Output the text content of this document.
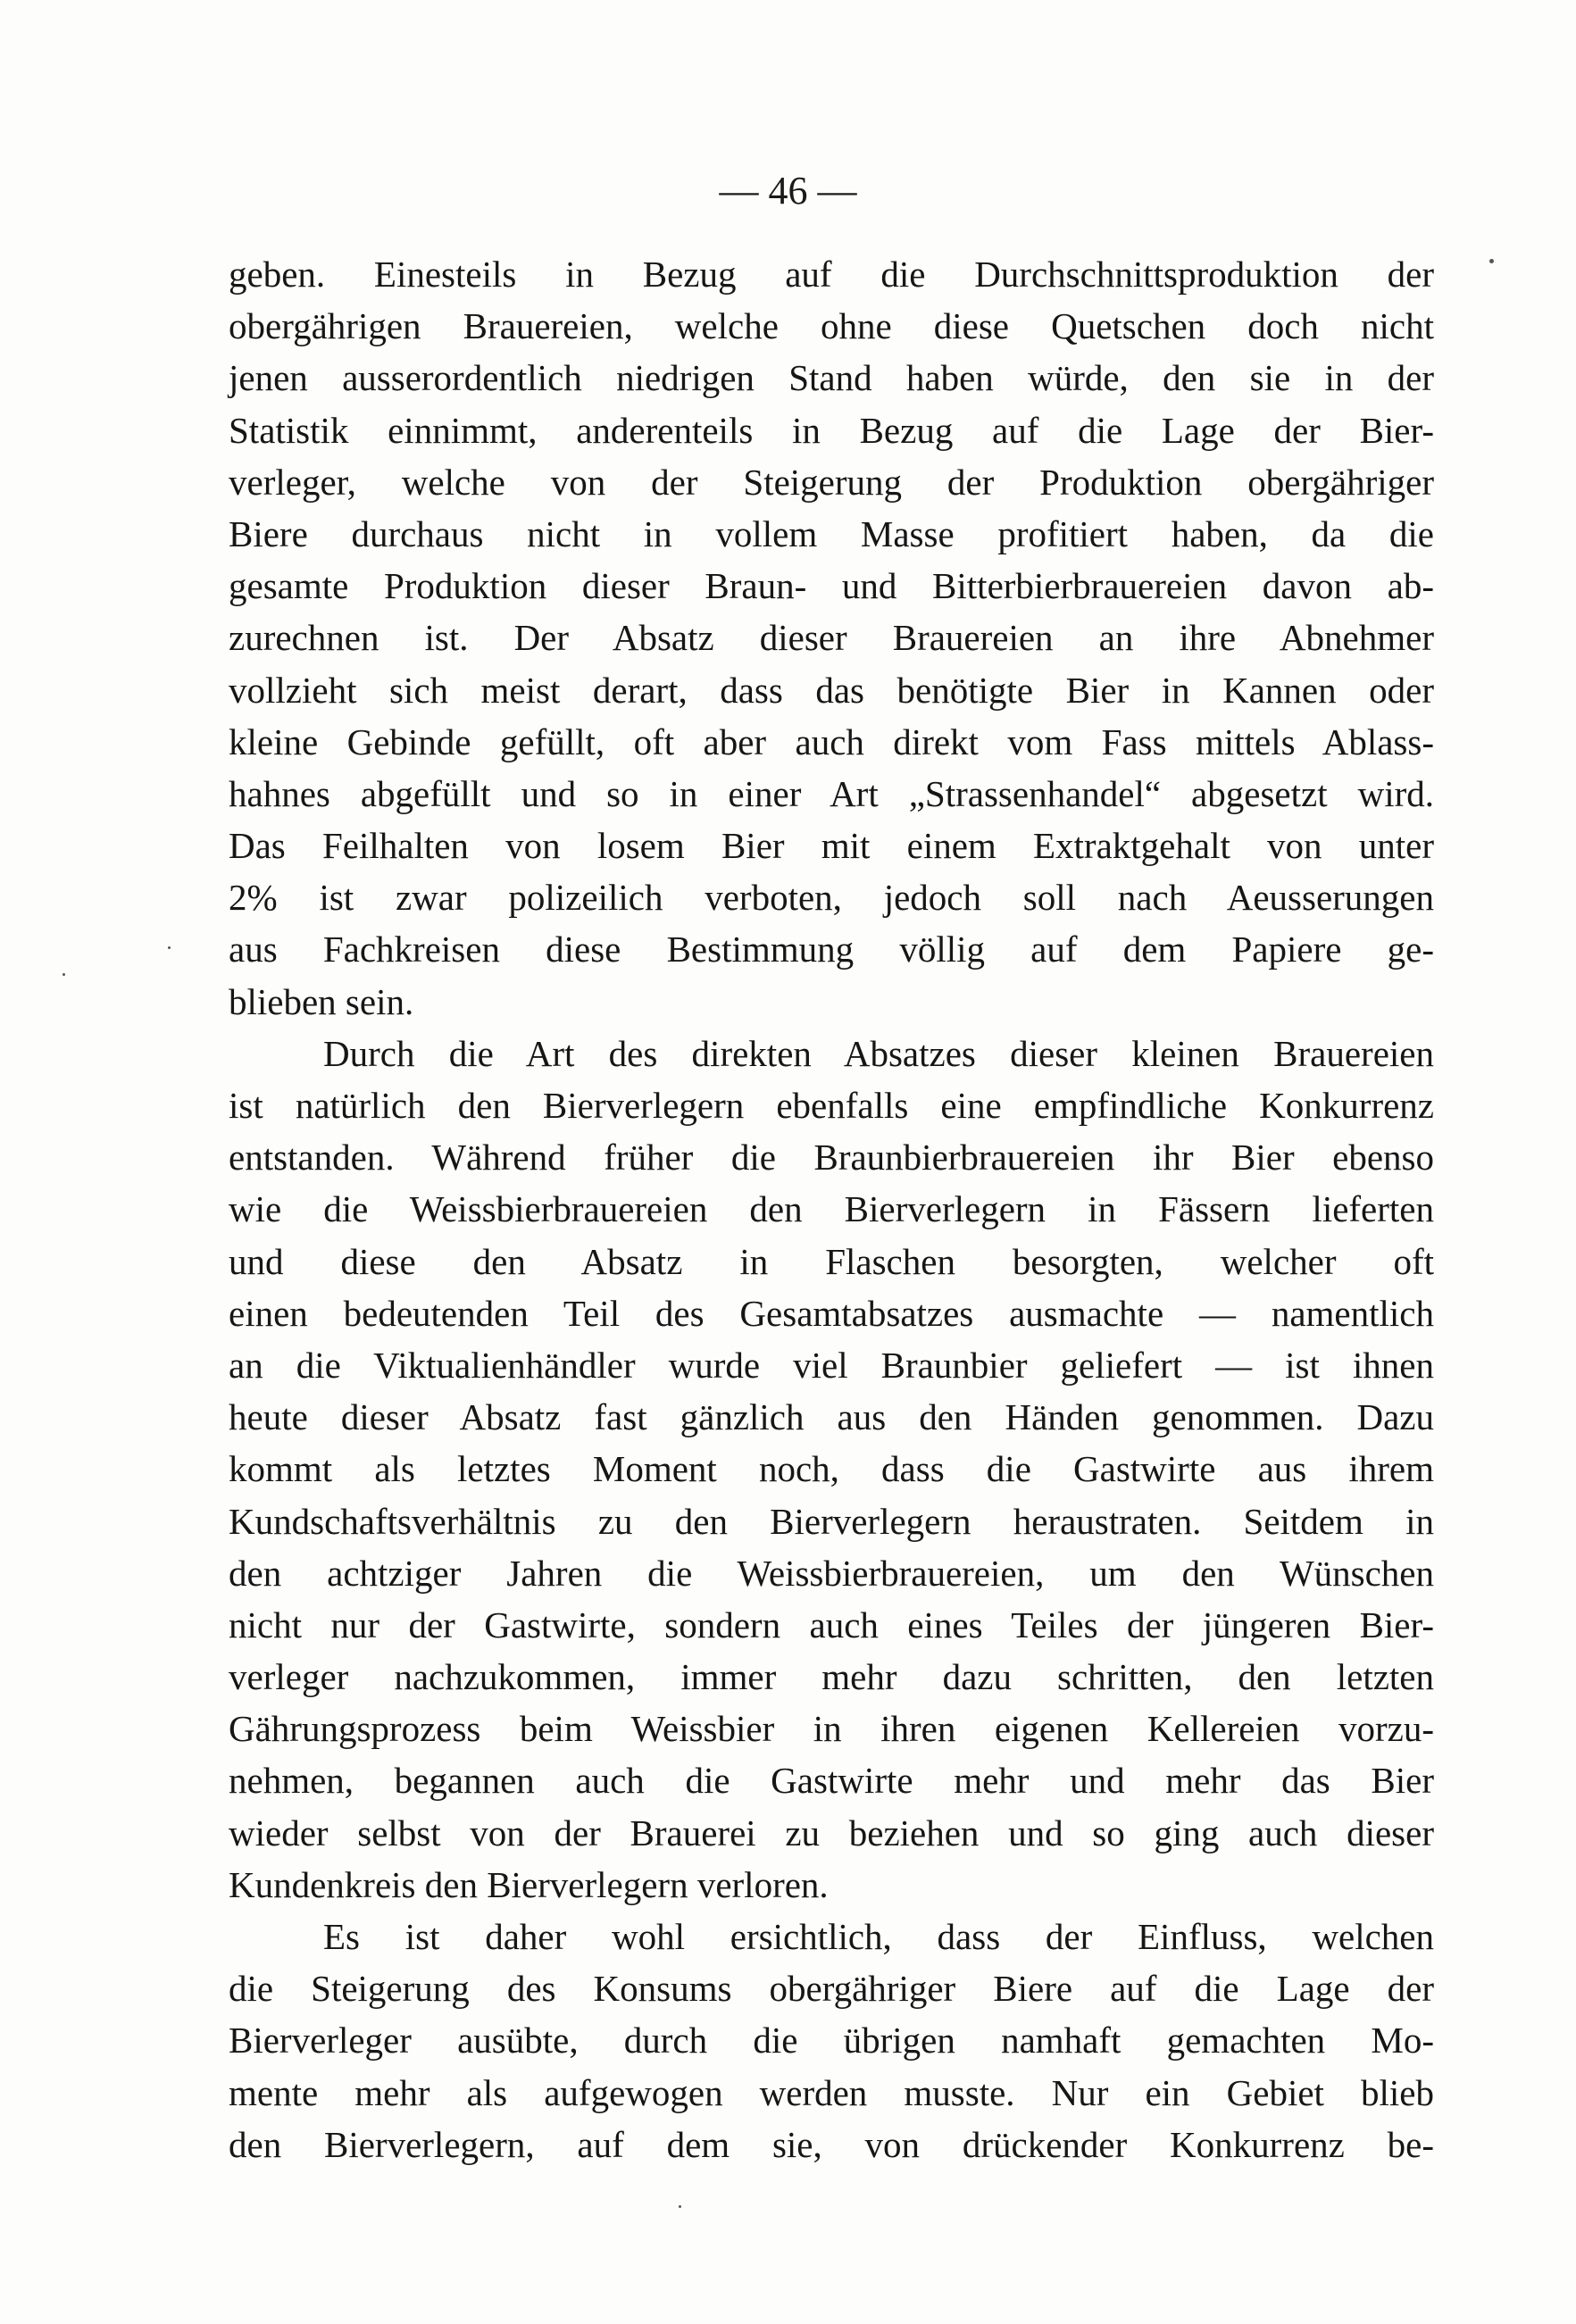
— 46 —
geben. Einesteils in Bezug auf die Durchschnittsproduktion der
obergährigen Brauereien, welche ohne diese Quetschen doch nicht
jenen ausserordentlich niedrigen Stand haben würde, den sie in der
Statistik einnimmt, anderenteils in Bezug auf die Lage der Bier-
verleger, welche von der Steigerung der Produktion obergähriger
Biere durchaus nicht in vollem Masse profitiert haben, da die
gesamte Produktion dieser Braun- und Bitterbierbrauereien davon ab-
zurechnen ist. Der Absatz dieser Brauereien an ihre Abnehmer
vollzieht sich meist derart, dass das benötigte Bier in Kannen oder
kleine Gebinde gefüllt, oft aber auch direkt vom Fass mittels Ablass-
hahnes abgefüllt und so in einer Art „Strassenhandel“ abgesetzt wird.
Das Feilhalten von losem Bier mit einem Extraktgehalt von unter
2% ist zwar polizeilich verboten, jedoch soll nach Aeusserungen
aus Fachkreisen diese Bestimmung völlig auf dem Papiere ge-
blieben sein.
Durch die Art des direkten Absatzes dieser kleinen Brauereien
ist natürlich den Bierverlegern ebenfalls eine empfindliche Konkurrenz
entstanden. Während früher die Braunbierbrauereien ihr Bier ebenso
wie die Weissbierbrauereien den Bierverlegern in Fässern lieferten
und diese den Absatz in Flaschen besorgten, welcher oft
einen bedeutenden Teil des Gesamtabsatzes ausmachte — namentlich
an die Viktualienhändler wurde viel Braunbier geliefert — ist ihnen
heute dieser Absatz fast gänzlich aus den Händen genommen. Dazu
kommt als letztes Moment noch, dass die Gastwirte aus ihrem
Kundschaftsverhältnis zu den Bierverlegern heraustraten. Seitdem in
den achtziger Jahren die Weissbierbrauereien, um den Wünschen
nicht nur der Gastwirte, sondern auch eines Teiles der jüngeren Bier-
verleger nachzukommen, immer mehr dazu schritten, den letzten
Gährungsprozess beim Weissbier in ihren eigenen Kellereien vorzu-
nehmen, begannen auch die Gastwirte mehr und mehr das Bier
wieder selbst von der Brauerei zu beziehen und so ging auch dieser
Kundenkreis den Bierverlegern verloren.
Es ist daher wohl ersichtlich, dass der Einfluss, welchen
die Steigerung des Konsums obergähriger Biere auf die Lage der
Bierverleger ausübte, durch die übrigen namhaft gemachten Mo-
mente mehr als aufgewogen werden musste. Nur ein Gebiet blieb
den Bierverlegern, auf dem sie, von drückender Konkurrenz be-
